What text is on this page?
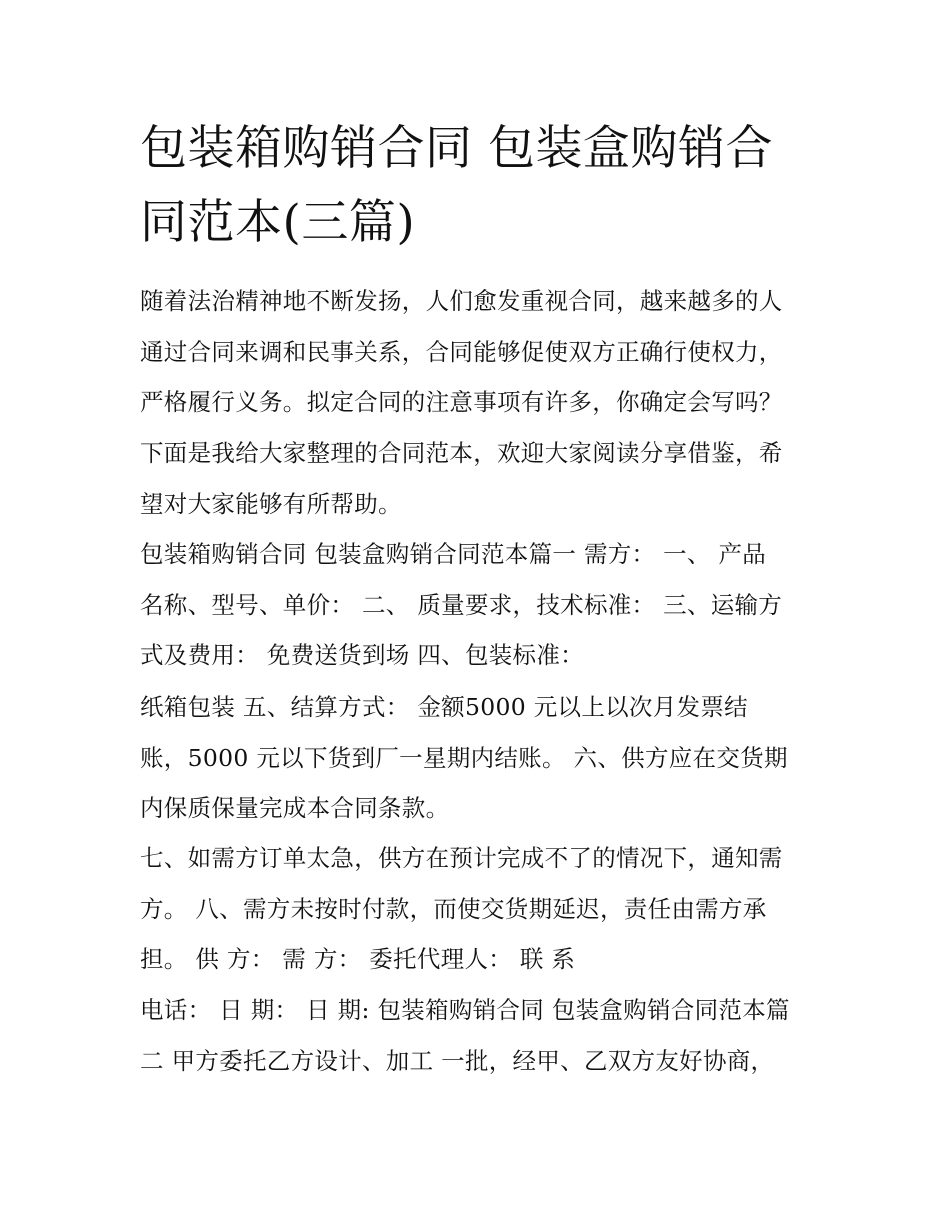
包装箱购销合同 包装盒购销合
同范本(三篇)

随着法治精神地不断发扬，人们愈发重视合同，越来越多的人
通过合同来调和民事关系，合同能够促使双方正确行使权力，
严格履行义务。拟定合同的注意事项有许多，你确定会写吗？
下面是我给大家整理的合同范本，欢迎大家阅读分享借鉴，希
望对大家能够有所帮助。

包装箱购销合同 包装盒购销合同范本篇一 需方： 一、 产品
名称、型号、单价： 二、 质量要求，技术标准： 三、运输方
式及费用： 免费送货到场 四、包装标准：

纸箱包装 五、结算方式： 金额5000 元以上以次月发票结
账，5000 元以下货到厂一星期内结账。 六、供方应在交货期
内保质保量完成本合同条款。

七、如需方订单太急，供方在预计完成不了的情况下，通知需
方。 八、需方未按时付款，而使交货期延迟，责任由需方承
担。 供 方： 需 方： 委托代理人： 联 系

电话： 日 期： 日 期: 包装箱购销合同 包装盒购销合同范本篇
二 甲方委托乙方设计、加工 一批，经甲、乙双方友好协商，
